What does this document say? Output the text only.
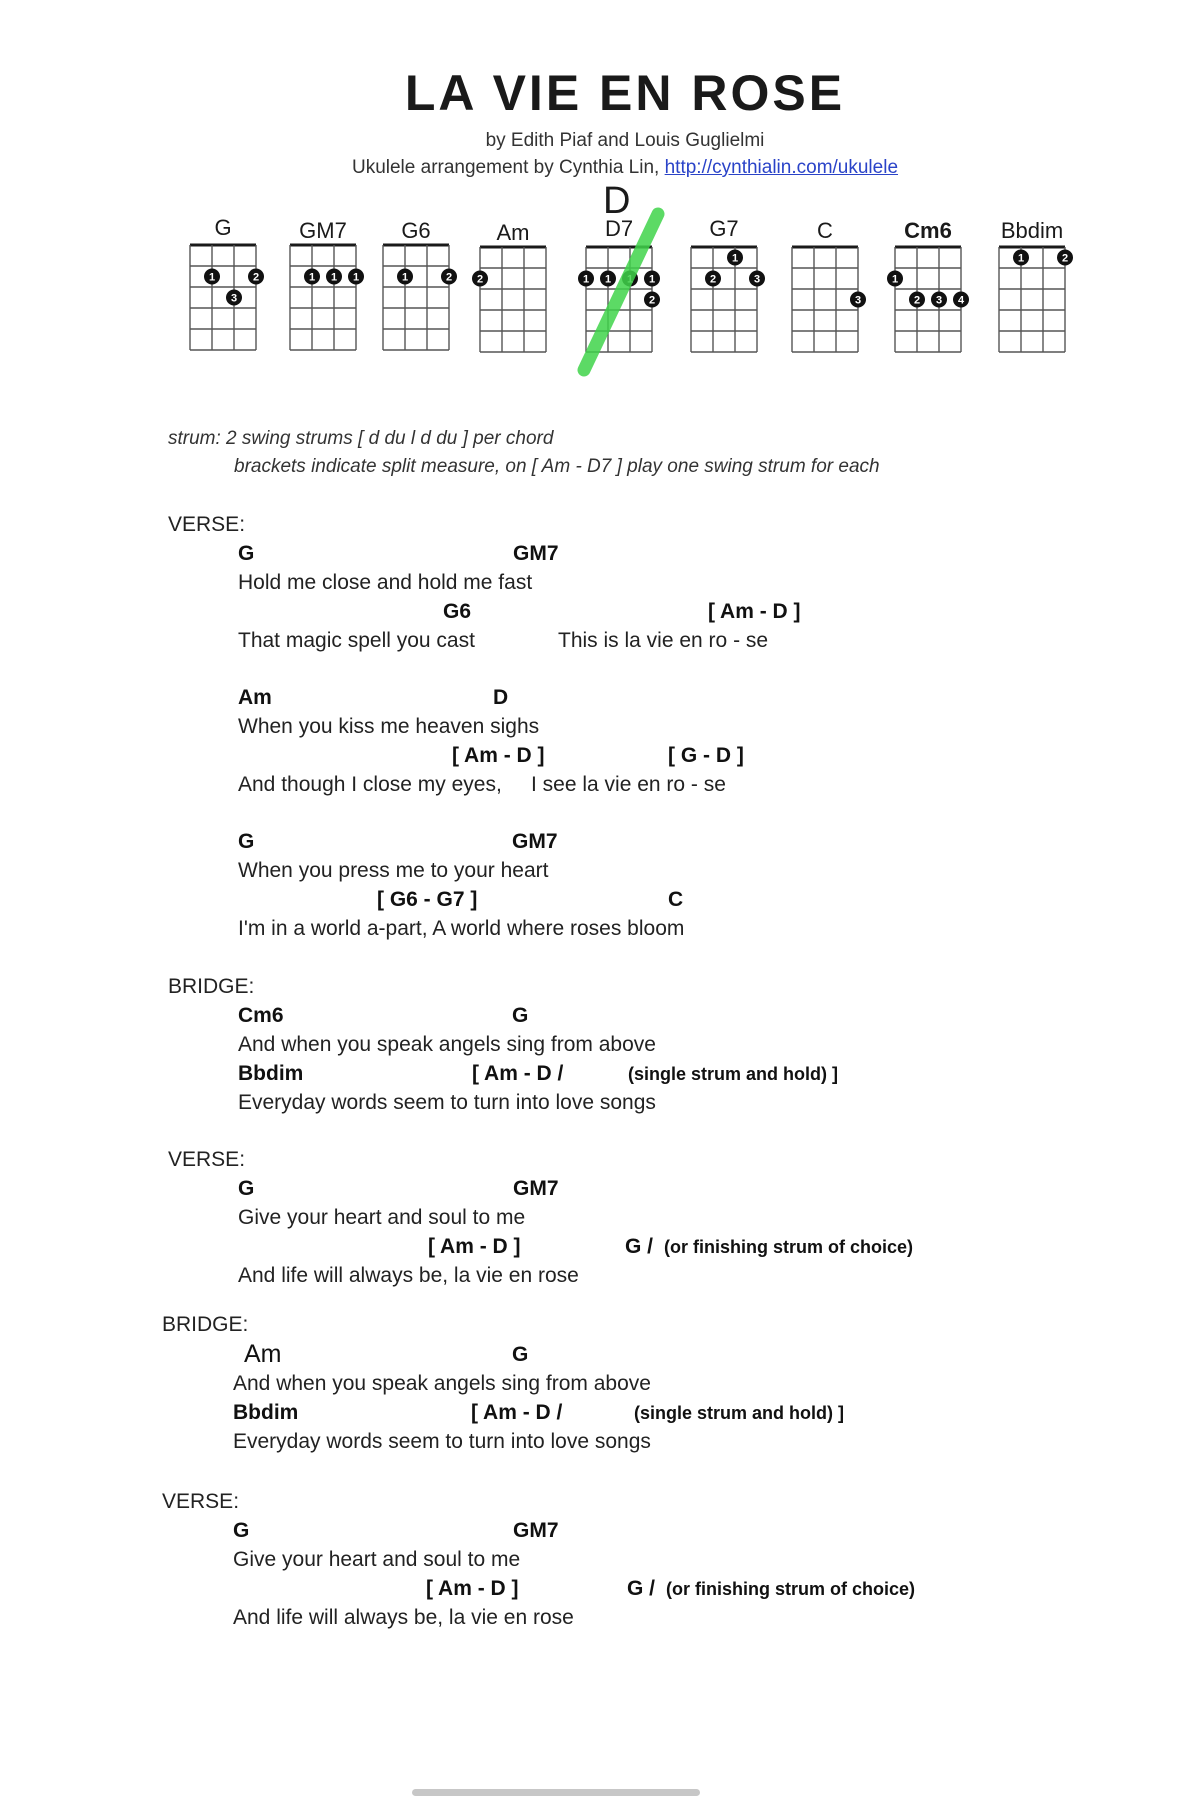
LA VIE EN ROSE
by Edith Piaf and Louis Guglielmi
Ukulele arrangement by Cynthia Lin, http://cynthialin.com/ukulele
D
G
1	2
3
GM7
1 1 1
G6
1	2
Am
2
D7
1 1 1 1
2
G7
1
2	3
C
3
Cm6
1
2 3 4
Bbdim
1	2
strum: 2 swing strums [ d du l d du ] per chord
brackets indicate split measure, on [ Am - D7 ] play one swing strum for each
VERSE:
G	GM7
Hold me close and hold me fast
G6	[ Am - D ]
That magic spell you cast	This is la vie en ro - se
Am	D
When you kiss me heaven sighs
[ Am - D ]	[ G - D ]
And though I close my eyes, I see la vie en ro - se
G	GM7
When you press me to your heart
[ G6 - G7 ]	C
I'm in a world a-part, A world where roses bloom
BRIDGE:
Cm6	G
And when you speak angels sing from above
Bbdim	[ Am - D /	(single strum and hold) ]
Everyday words seem to turn into love songs
VERSE:
G	GM7
Give your heart and soul to me
[ Am - D ]	G / (or finishing strum of choice)
And life will always be, la vie en rose
BRIDGE:
Am	G
And when you speak angels sing from above
Bbdim	[ Am - D /	(single strum and hold) ]
Everyday words seem to turn into love songs
VERSE:
G	GM7
Give your heart and soul to me
[ Am - D ]	G / (or finishing strum of choice)
And life will always be, la vie en rose
